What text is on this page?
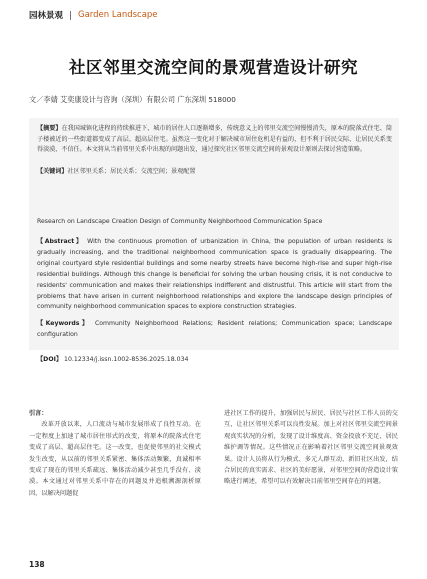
园林景观 Garden Landscape
社区邻里交流空间的景观营造设计研究
文／李婧 艾奕康设计与咨询（深圳）有限公司 广东深圳 518000
【摘要】在我国城镇化进程的持续推进下，城市的居住人口逐渐增多，传统意义上的邻里交流空间慢慢消失，原本的院落式住宅、筒子楼被近的一些街道都变成了高层、超高层住宅。虽然这一变化对于解决城市居住危机是有益的，但不利于居民交际，让居民关系变得淡漠、不信任。本文将从当前邻里关系中出现的问题出发，通过探究社区邻里交流空间的景观设计原则去探讨营造策略。
【关键词】社区邻里关系；居民关系；交流空间；景观配置
Research on Landscape Creation Design of Community Neighborhood Communication Space
【Abstract】 With the continuous promotion of urbanization in China, the population of urban residents is gradually increasing, and the traditional neighborhood communication space is gradually disappearing. The original courtyard style residential buildings and some nearby streets have become high-rise and super high-rise residential buildings. Although this change is beneficial for solving the urban housing crisis, it is not conducive to residents' communication and makes their relationships indifferent and distrustful. This article will start from the problems that have arisen in current neighborhood relationships and explore the landscape design principles of community neighborhood communication spaces to explore construction strategies.
【Keywords】 Community Neighborhood Relations; Resident relations; Communication space; Landscape configuration
【DOI】 10.12334/j.issn.1002-8536.2025.18.034
引言：
改革开放以来，人口流动与城市发展形成了良性互动。在一定程度上加速了城市居住形式的改变，将原本的院落式住宅变成了高层、超高层住宅。这一改变，也促使邻里的社交模式发生改变，从以前的邻里关系紧密、集体活动频繁，真诚相率变成了现在的邻里关系疏远、集体活动减少甚至几乎没有、淡漠。本文通过对邻里关系中存在的问题及并追根溯源剖析原因，以解决问题促
进社区工作的提升，加强居民与居民、居民与社区工作人员的交互，让社区邻里关系可以良性发展。加上对社区邻里交流空间景观真实状况的分析，发现了设计维度高、资金投放不充足、居民维护调等情况。这些情况正在影响着社区邻里交流空间景观效果。设计人员将从行为模式、多元人群互动、新旧社区出发，结合居民的真实需求、社区的美好愿景，对邻里空间的营造设计策略进行阐述，希望可以有效解决目前邻里空间存在的问题。
138
